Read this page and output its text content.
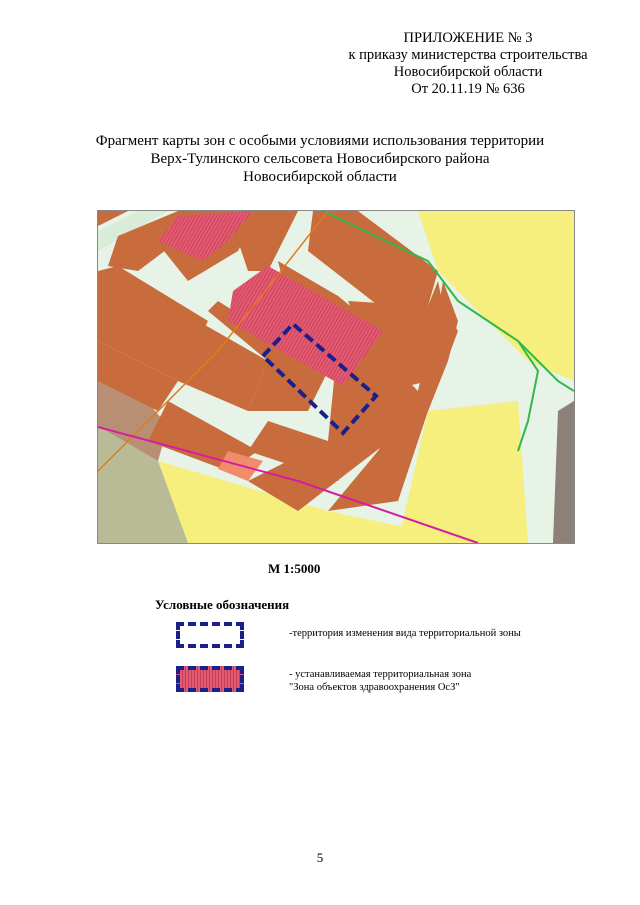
ПРИЛОЖЕНИЕ № 3
к приказу министерства строительства
Новосибирской области
От 20.11.19 № 636
Фрагмент карты зон с особыми условиями использования территории
Верх-Тулинского сельсовета Новосибирского района
Новосибирской области
М 1:5000
Условные обозначения
-территория изменения вида территориальной зоны
- устанавливаемая территориальная зона
"Зона объектов здравоохранения ОсЗ"
5
